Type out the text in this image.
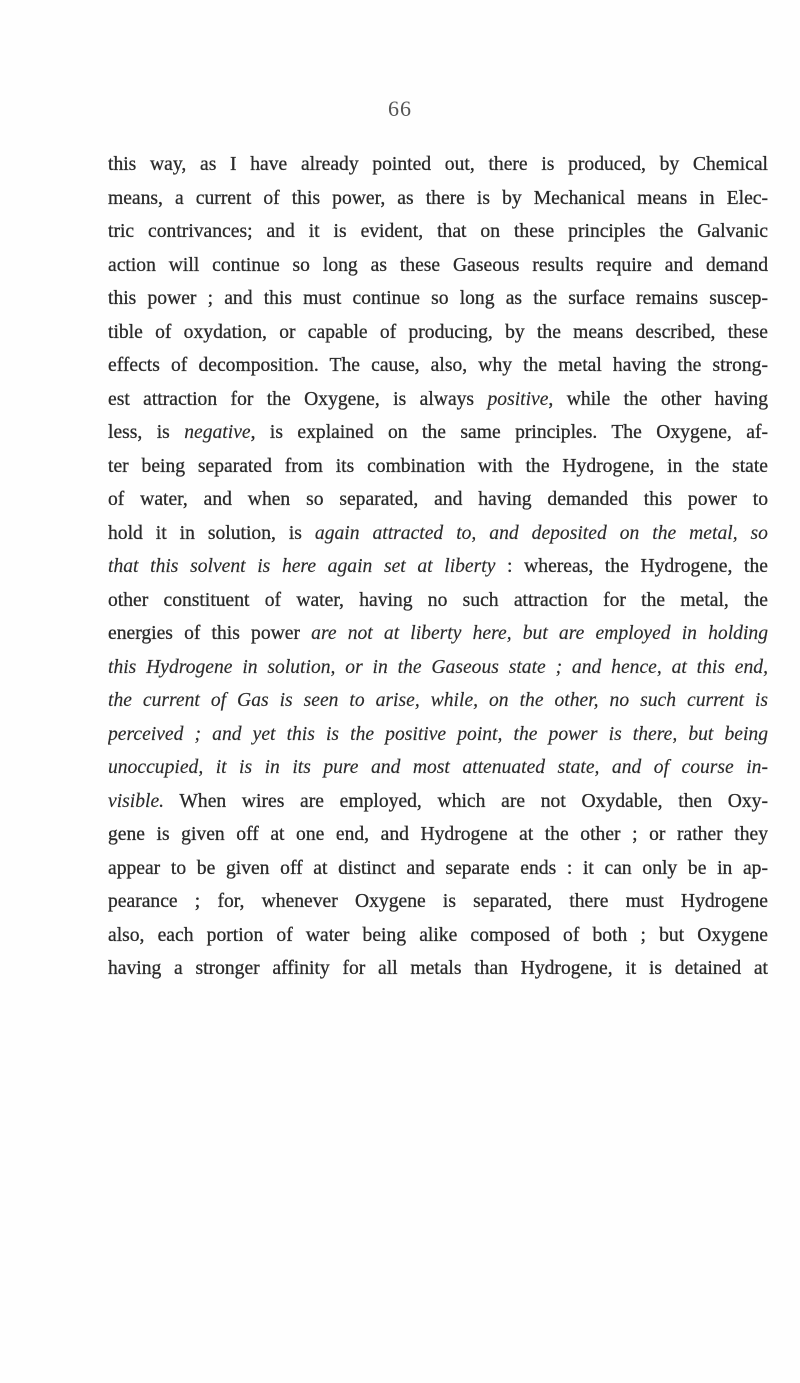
66
this way, as I have already pointed out, there is produced, by Chemical
means, a current of this power, as there is by Mechanical means in Elec-
tric contrivances; and it is evident, that on these principles the Galvanic
action will continue so long as these Gaseous results require and demand
this power ; and this must continue so long as the surface remains suscep-
tible of oxydation, or capable of producing, by the means described, these
effects of decomposition. The cause, also, why the metal having the strong-
est attraction for the Oxygene, is always positive, while the other having
less, is negative, is explained on the same principles. The Oxygene, af-
ter being separated from its combination with the Hydrogene, in the state
of water, and when so separated, and having demanded this power to
hold it in solution, is again attracted to, and deposited on the metal, so
that this solvent is here again set at liberty : whereas, the Hydrogene, the
other constituent of water, having no such attraction for the metal, the
energies of this power are not at liberty here, but are employed in holding
this Hydrogene in solution, or in the Gaseous state ; and hence, at this end,
the current of Gas is seen to arise, while, on the other, no such current is
perceived ; and yet this is the positive point, the power is there, but being
unoccupied, it is in its pure and most attenuated state, and of course in-
visible. When wires are employed, which are not Oxydable, then Oxy-
gene is given off at one end, and Hydrogene at the other ; or rather they
appear to be given off at distinct and separate ends : it can only be in ap-
pearance ; for, whenever Oxygene is separated, there must Hydrogene
also, each portion of water being alike composed of both ; but Oxygene
having a stronger affinity for all metals than Hydrogene, it is detained at
